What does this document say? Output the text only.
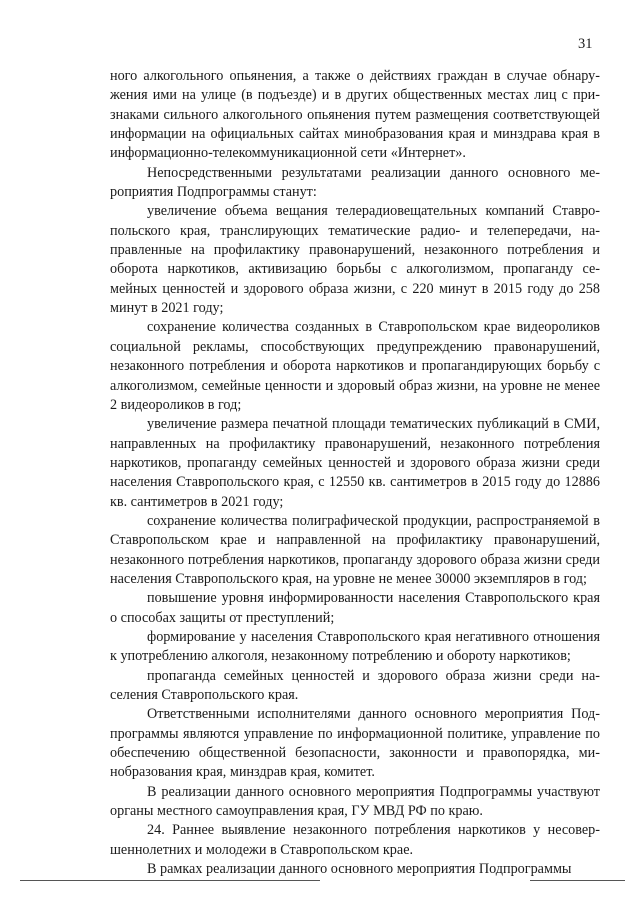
31

ного алкогольного опьянения, а также о действиях граждан в случае обнаружения ими на улице (в подъезде) и в других общественных местах лиц с признаками сильного алкогольного опьянения путем размещения соответствующей информации на официальных сайтах минобразования края и минздрава края в информационно-телекоммуникационной сети «Интернет».

Непосредственными результатами реализации данного основного мероприятия Подпрограммы станут:

увеличение объема вещания телерадиовещательных компаний Ставропольского края, транслирующих тематические радио- и телепередачи, направленные на профилактику правонарушений, незаконного потребления и оборота наркотиков, активизацию борьбы с алкоголизмом, пропаганду семейных ценностей и здорового образа жизни, с 220 минут в 2015 году до 258 минут в 2021 году;

сохранение количества созданных в Ставропольском крае видеороликов социальной рекламы, способствующих предупреждению правонарушений, незаконного потребления и оборота наркотиков и пропагандирующих борьбу с алкоголизмом, семейные ценности и здоровый образ жизни, на уровне не менее 2 видеороликов в год;

увеличение размера печатной площади тематических публикаций в СМИ, направленных на профилактику правонарушений, незаконного потребления наркотиков, пропаганду семейных ценностей и здорового образа жизни среди населения Ставропольского края, с 12550 кв. сантиметров в 2015 году до 12886 кв. сантиметров в 2021 году;

сохранение количества полиграфической продукции, распространяемой в Ставропольском крае и направленной на профилактику правонарушений, незаконного потребления наркотиков, пропаганду здорового образа жизни среди населения Ставропольского края, на уровне не менее 30000 экземпляров в год;

повышение уровня информированности населения Ставропольского края о способах защиты от преступлений;

формирование у населения Ставропольского края негативного отношения к употреблению алкоголя, незаконному потреблению и обороту наркотиков;

пропаганда семейных ценностей и здорового образа жизни среди населения Ставропольского края.

Ответственными исполнителями данного основного мероприятия Подпрограммы являются управление по информационной политике, управление по обеспечению общественной безопасности, законности и правопорядка, минобразования края, минздрав края, комитет.

В реализации данного основного мероприятия Подпрограммы участвуют органы местного самоуправления края, ГУ МВД РФ по краю.

24. Раннее выявление незаконного потребления наркотиков у несовершеннолетних и молодежи в Ставропольском крае.

В рамках реализации данного основного мероприятия Подпрограммы
